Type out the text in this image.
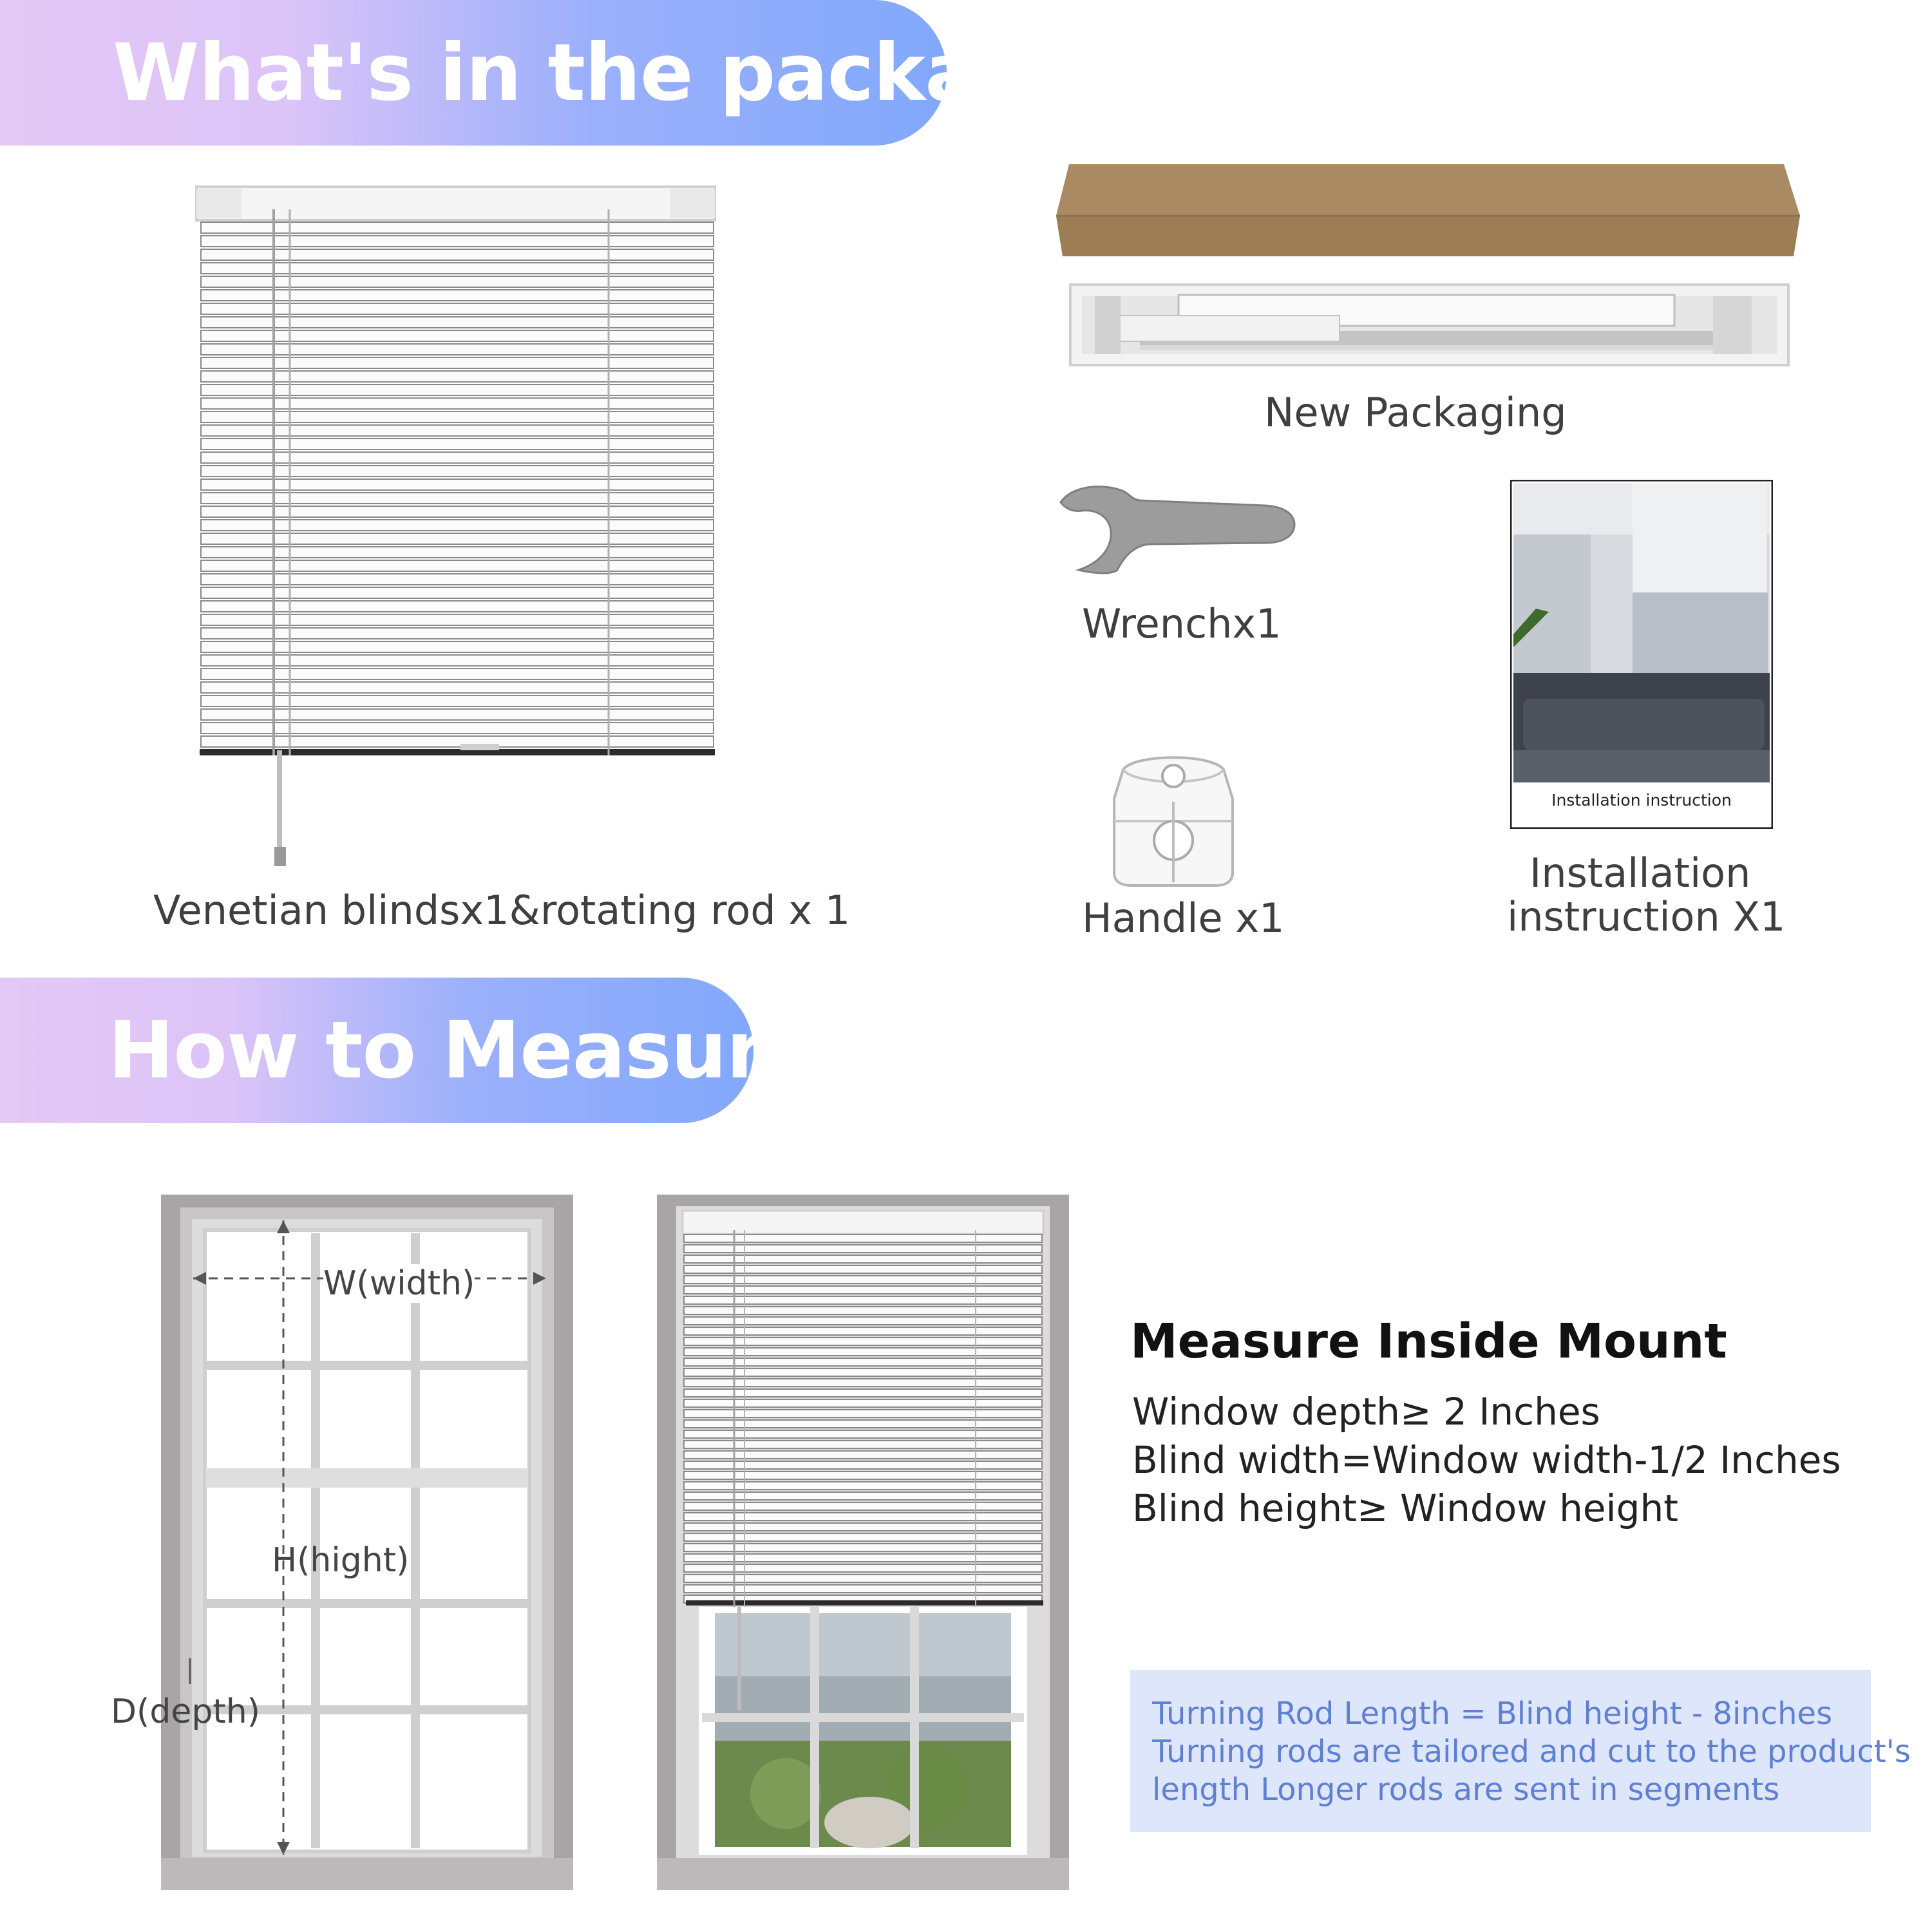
What's in the package
Venetian blindsx1&rotating rod x 1
New Packaging
Wrenchx1
Handle x1
Installation instruction
Installation
instruction X1
How to Measure
W(width)
H(hight)
D(depth)
Measure Inside Mount
Window depth≥ 2 Inches
Blind width=Window width-1/2 Inches
Blind height≥ Window height
Turning Rod Length = Blind height - 8inches
Turning rods are tailored and cut to the product's
length Longer rods are sent in segments
